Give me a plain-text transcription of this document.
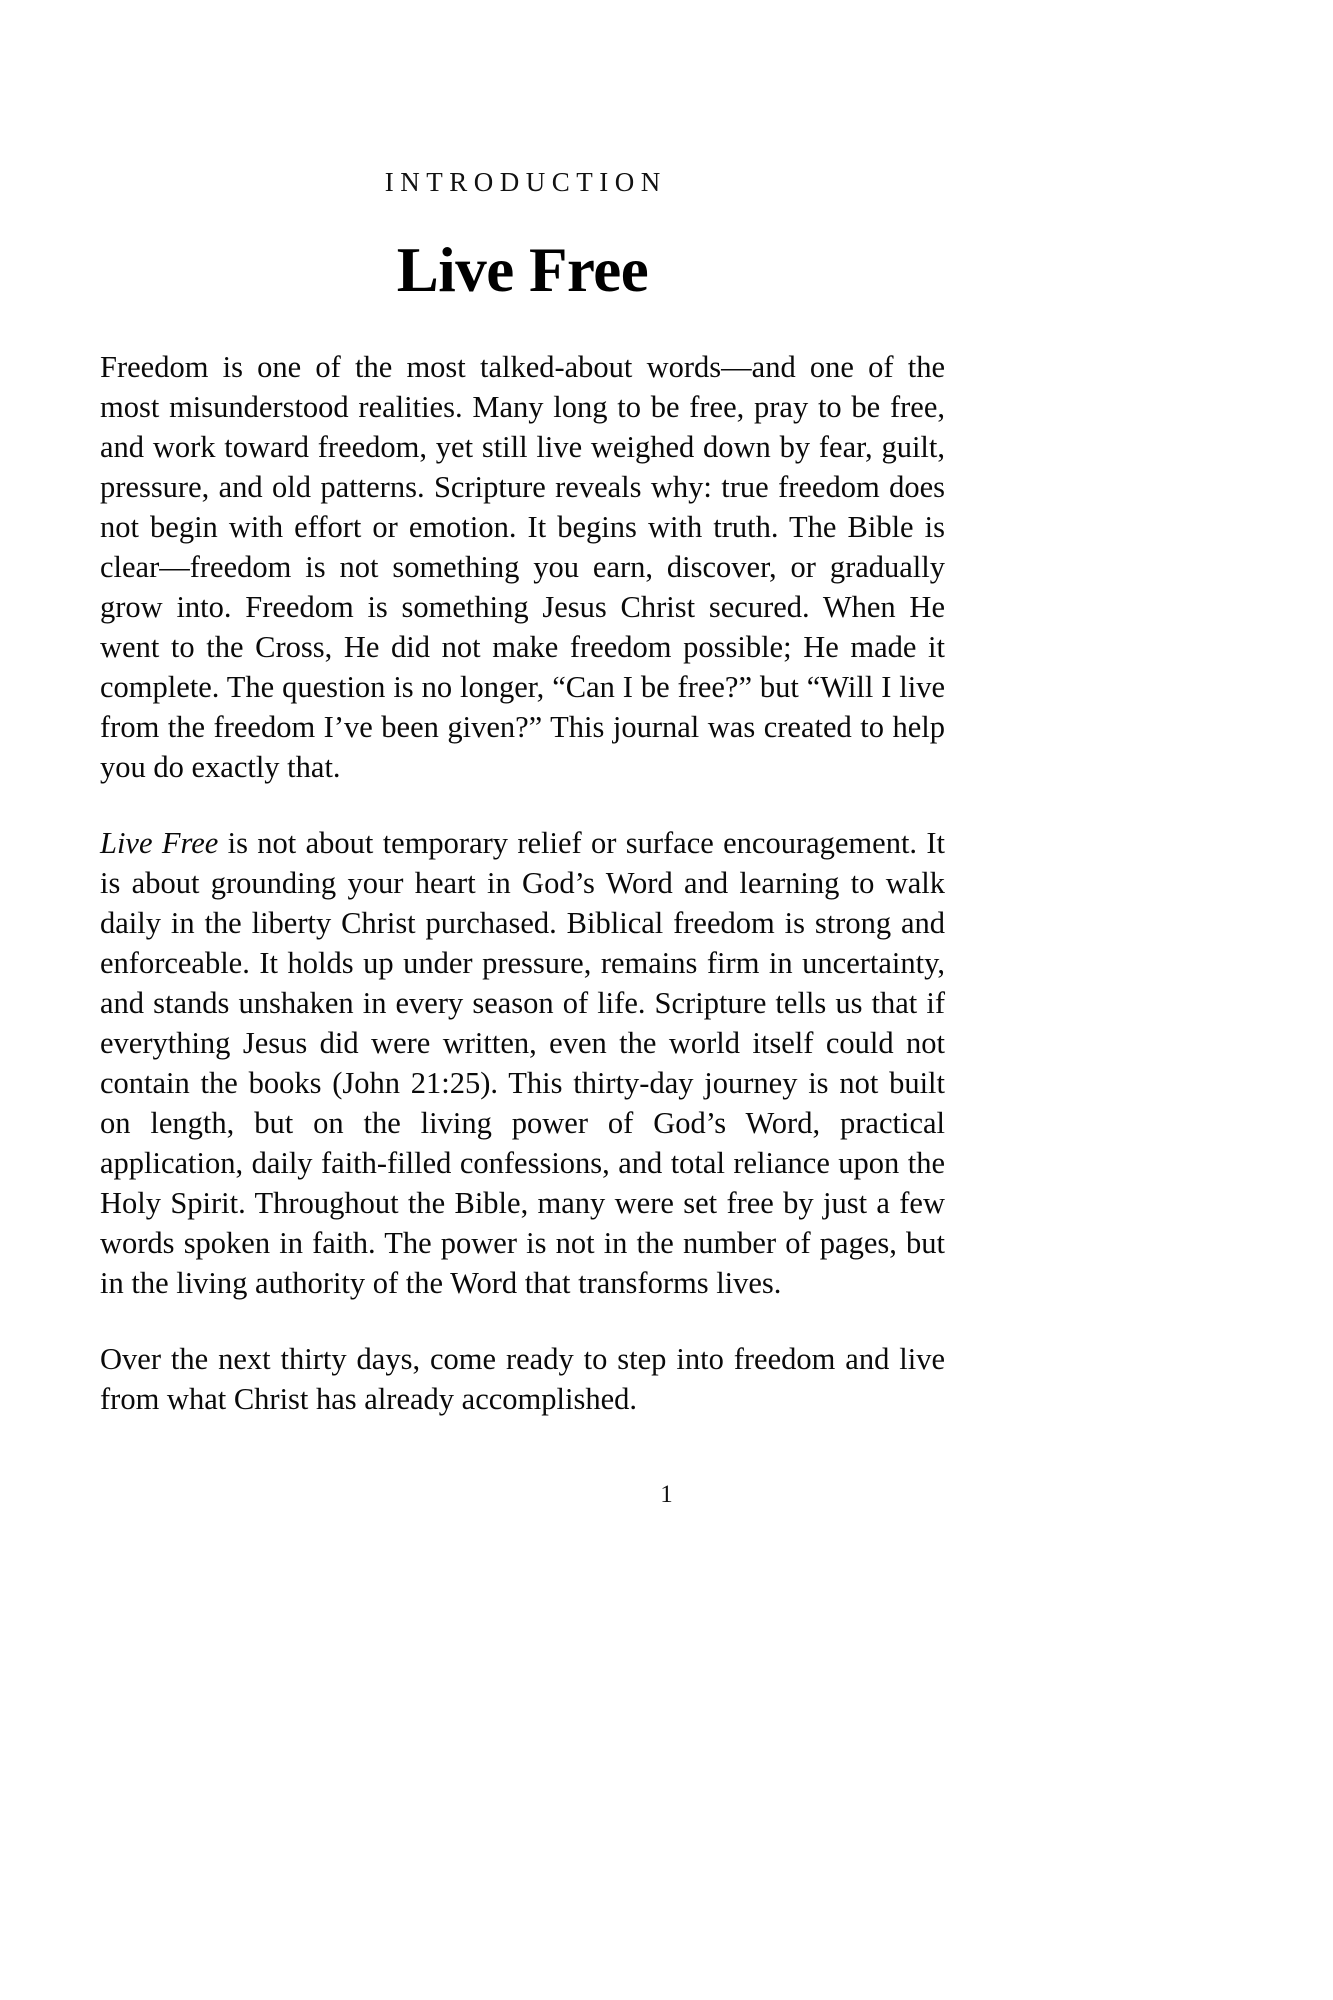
INTRODUCTION
Live Free

Freedom is one of the most talked-about words—and one of the most misunderstood realities. Many long to be free, pray to be free, and work toward freedom, yet still live weighed down by fear, guilt, pressure, and old patterns. Scripture reveals why: true freedom does not begin with effort or emotion. It begins with truth. The Bible is clear—freedom is not something you earn, discover, or gradually grow into. Freedom is something Jesus Christ secured. When He went to the Cross, He did not make freedom possible; He made it complete. The question is no longer, “Can I be free?” but “Will I live from the freedom I’ve been given?” This journal was created to help you do exactly that.

Live Free is not about temporary relief or surface encouragement. It is about grounding your heart in God’s Word and learning to walk daily in the liberty Christ purchased. Biblical freedom is strong and enforceable. It holds up under pressure, remains firm in uncertainty, and stands unshaken in every season of life. Scripture tells us that if everything Jesus did were written, even the world itself could not contain the books (John 21:25). This thirty-day journey is not built on length, but on the living power of God’s Word, practical application, daily faith-filled confessions, and total reliance upon the Holy Spirit. Throughout the Bible, many were set free by just a few words spoken in faith. The power is not in the number of pages, but in the living authority of the Word that transforms lives.

Over the next thirty days, come ready to step into freedom and live from what Christ has already accomplished.

1
